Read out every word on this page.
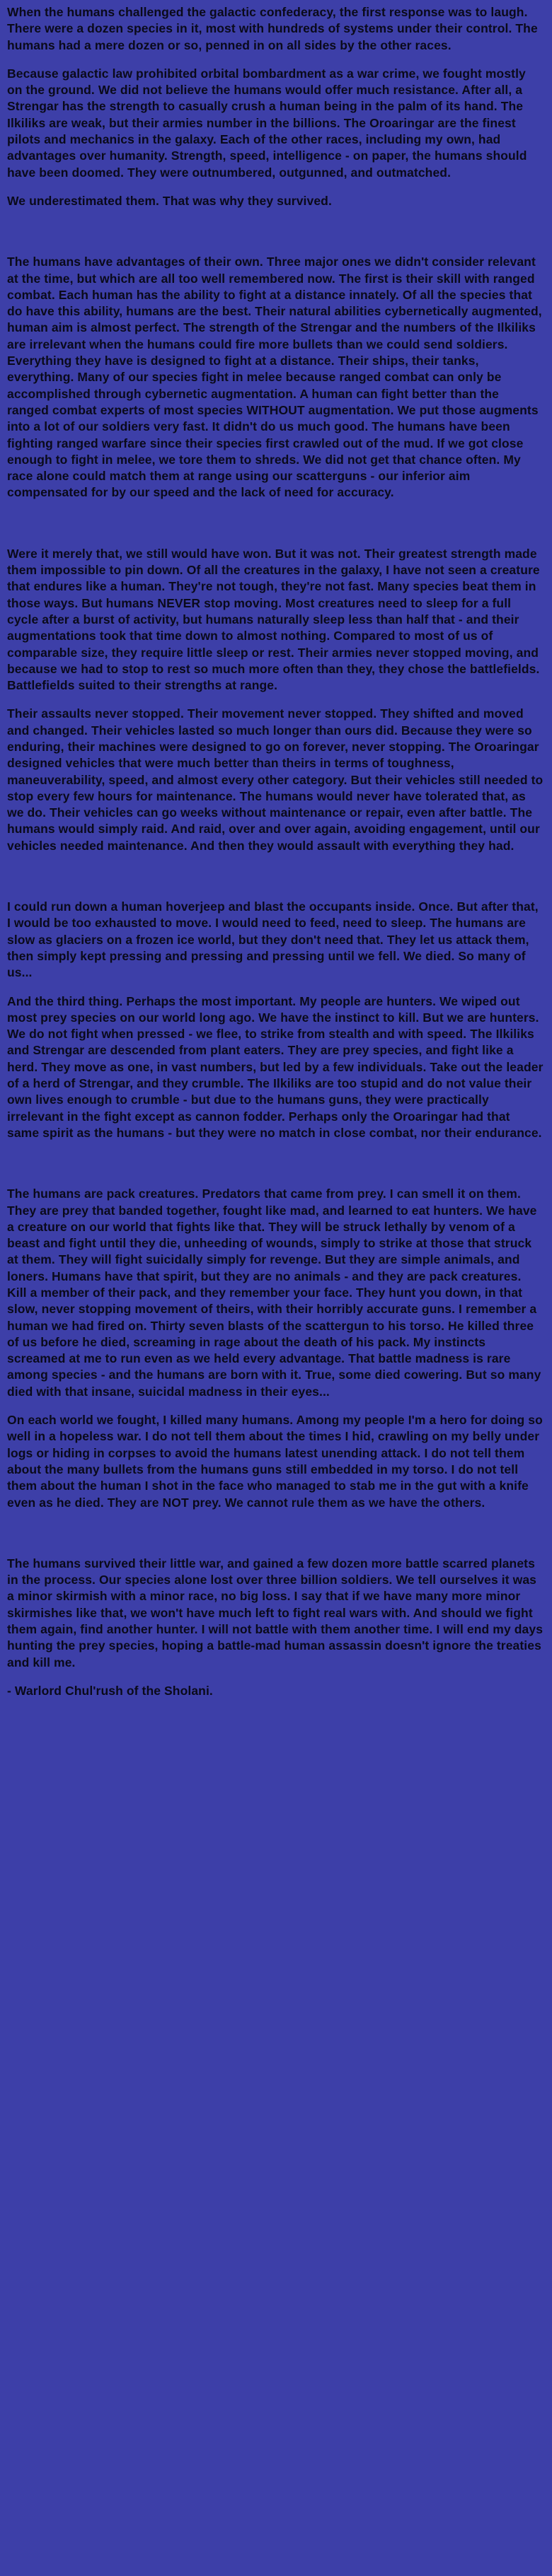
When the humans challenged the galactic confederacy, the first response was to laugh. There were a dozen species in it, most with hundreds of systems under their control. The humans had a mere dozen or so, penned in on all sides by the other races.

Because galactic law prohibited orbital bombardment as a war crime, we fought mostly on the ground. We did not believe the humans would offer much resistance. After all, a Strengar has the strength to casually crush a human being in the palm of its hand. The Ilkiliks are weak, but their armies number in the billions. The Oroaringar are the finest pilots and mechanics in the galaxy. Each of the other races, including my own, had advantages over humanity. Strength, speed, intelligence - on paper, the humans should have been doomed. They were outnumbered, outgunned, and outmatched.

We underestimated them. That was why they survived.

The humans have advantages of their own. Three major ones we didn't consider relevant at the time, but which are all too well remembered now. The first is their skill with ranged combat. Each human has the ability to fight at a distance innately. Of all the species that do have this ability, humans are the best. Their natural abilities cybernetically augmented, human aim is almost perfect. The strength of the Strengar and the numbers of the Ilkiliks are irrelevant when the humans could fire more bullets than we could send soldiers. Everything they have is designed to fight at a distance. Their ships, their tanks, everything. Many of our species fight in melee because ranged combat can only be accomplished through cybernetic augmentation. A human can fight better than the ranged combat experts of most species WITHOUT augmentation. We put those augments into a lot of our soldiers very fast. It didn't do us much good. The humans have been fighting ranged warfare since their species first crawled out of the mud. If we got close enough to fight in melee, we tore them to shreds. We did not get that chance often. My race alone could match them at range using our scatterguns - our inferior aim compensated for by our speed and the lack of need for accuracy.

Were it merely that, we still would have won. But it was not. Their greatest strength made them impossible to pin down. Of all the creatures in the galaxy, I have not seen a creature that endures like a human. They're not tough, they're not fast. Many species beat them in those ways. But humans NEVER stop moving. Most creatures need to sleep for a full cycle after a burst of activity, but humans naturally sleep less than half that - and their augmentations took that time down to almost nothing. Compared to most of us of comparable size, they require little sleep or rest. Their armies never stopped moving, and because we had to stop to rest so much more often than they, they chose the battlefields. Battlefields suited to their strengths at range.

Their assaults never stopped. Their movement never stopped. They shifted and moved and changed. Their vehicles lasted so much longer than ours did. Because they were so enduring, their machines were designed to go on forever, never stopping. The Oroaringar designed vehicles that were much better than theirs in terms of toughness, maneuverability, speed, and almost every other category. But their vehicles still needed to stop every few hours for maintenance. The humans would never have tolerated that, as we do. Their vehicles can go weeks without maintenance or repair, even after battle. The humans would simply raid. And raid, over and over again, avoiding engagement, until our vehicles needed maintenance. And then they would assault with everything they had.

I could run down a human hoverjeep and blast the occupants inside. Once. But after that, I would be too exhausted to move. I would need to feed, need to sleep. The humans are slow as glaciers on a frozen ice world, but they don't need that. They let us attack them, then simply kept pressing and pressing and pressing until we fell. We died. So many of us...

And the third thing. Perhaps the most important. My people are hunters. We wiped out most prey species on our world long ago. We have the instinct to kill. But we are hunters. We do not fight when pressed - we flee, to strike from stealth and with speed. The Ilkiliks and Strengar are descended from plant eaters. They are prey species, and fight like a herd. They move as one, in vast numbers, but led by a few individuals. Take out the leader of a herd of Strengar, and they crumble. The Ilkiliks are too stupid and do not value their own lives enough to crumble - but due to the humans guns, they were practically irrelevant in the fight except as cannon fodder. Perhaps only the Oroaringar had that same spirit as the humans - but they were no match in close combat, nor their endurance.

The humans are pack creatures. Predators that came from prey. I can smell it on them. They are prey that banded together, fought like mad, and learned to eat hunters. We have a creature on our world that fights like that. They will be struck lethally by venom of a beast and fight until they die, unheeding of wounds, simply to strike at those that struck at them. They will fight suicidally simply for revenge. But they are simple animals, and loners. Humans have that spirit, but they are no animals - and they are pack creatures. Kill a member of their pack, and they remember your face. They hunt you down, in that slow, never stopping movement of theirs, with their horribly accurate guns. I remember a human we had fired on. Thirty seven blasts of the scattergun to his torso. He killed three of us before he died, screaming in rage about the death of his pack. My instincts screamed at me to run even as we held every advantage. That battle madness is rare among species - and the humans are born with it. True, some died cowering. But so many died with that insane, suicidal madness in their eyes...

On each world we fought, I killed many humans. Among my people I'm a hero for doing so well in a hopeless war. I do not tell them about the times I hid, crawling on my belly under logs or hiding in corpses to avoid the humans latest unending attack. I do not tell them about the many bullets from the humans guns still embedded in my torso. I do not tell them about the human I shot in the face who managed to stab me in the gut with a knife even as he died. They are NOT prey. We cannot rule them as we have the others.

The humans survived their little war, and gained a few dozen more battle scarred planets in the process. Our species alone lost over three billion soldiers. We tell ourselves it was a minor skirmish with a minor race, no big loss. I say that if we have many more minor skirmishes like that, we won't have much left to fight real wars with. And should we fight them again, find another hunter. I will not battle with them another time. I will end my days hunting the prey species, hoping a battle-mad human assassin doesn't ignore the treaties and kill me.

- Warlord Chul'rush of the Sholani.
